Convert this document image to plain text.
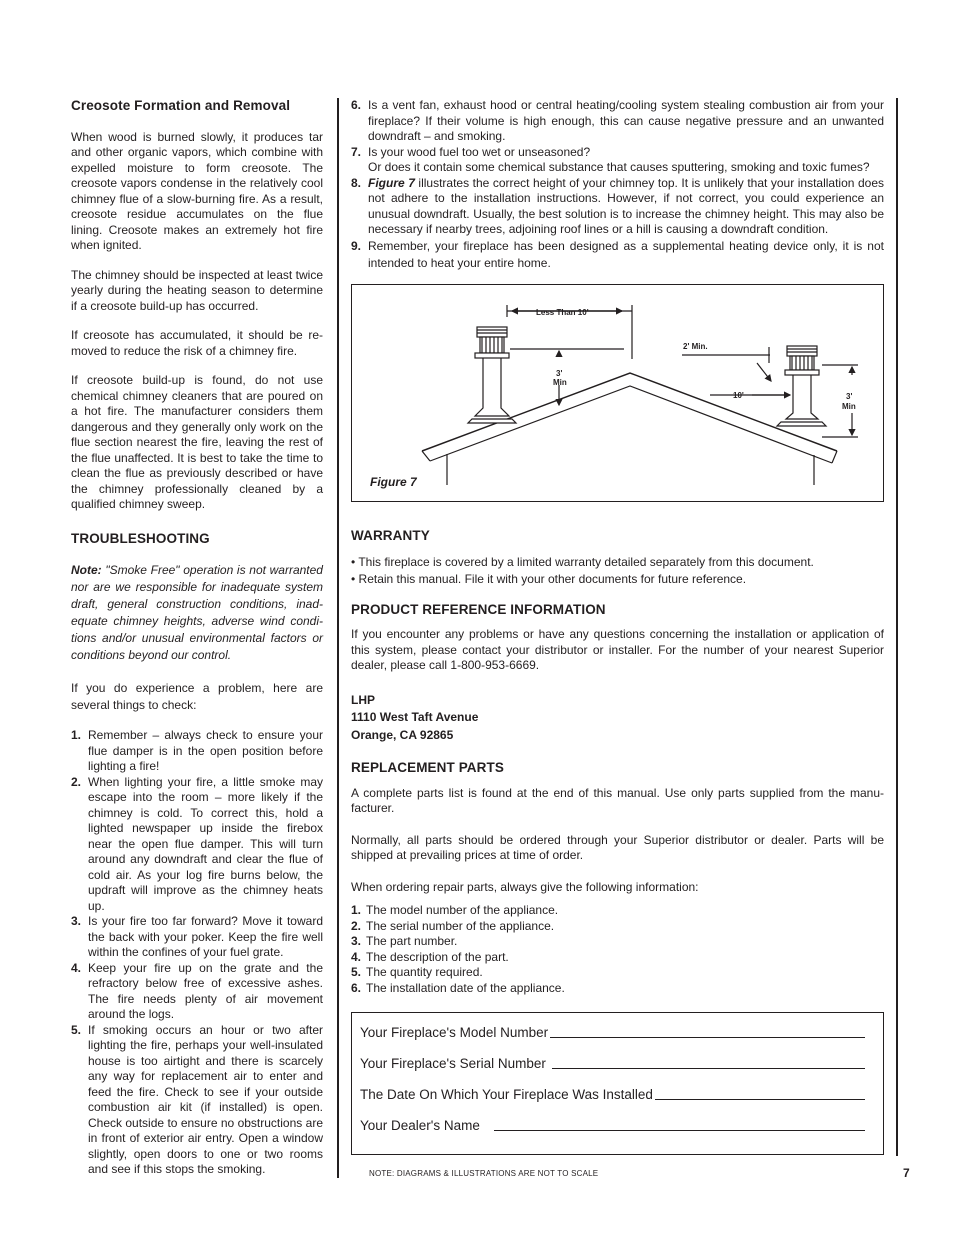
Creosote Formation and Removal

When wood is burned slowly, it produces tar and other organic vapors, which combine with expelled moisture to form creosote. The creosote vapors condense in the relatively cool chimney flue of a slow-burning fire. As a result, creosote residue accumulates on the flue lining. Creosote makes an extremely hot fire when ignited.

The chimney should be inspected at least twice yearly during the heating season to determine if a creosote build-up has occurred.

If creosote has accumulated, it should be re-moved to reduce the risk of a chimney fire.

If creosote build-up is found, do not use chemical chimney cleaners that are poured on a hot fire. The manufacturer considers them dangerous and they generally only work on the flue section nearest the fire, leaving the rest of the flue unaffected. It is best to take the time to clean the flue as previously described or have the chimney professionally cleaned by a qualified chimney sweep.

TROUBLESHOOTING

Note: "Smoke Free" operation is not warranted nor are we responsible for inadequate system draft, general construction conditions, inad-equate chimney heights, adverse wind condi-tions and/or unusual environmental factors or conditions beyond our control.

If you do experience a problem, here are several things to check:

1. Remember – always check to ensure your flue damper is in the open position before lighting a fire!
2. When lighting your fire, a little smoke may escape into the room – more likely if the chimney is cold. To correct this, hold a lighted newspaper up inside the firebox near the open flue damper. This will turn around any downdraft and clear the flue of cold air. As your log fire burns below, the updraft will improve as the chimney heats up.
3. Is your fire too far forward? Move it toward the back with your poker. Keep the fire well within the confines of your fuel grate.
4. Keep your fire up on the grate and the refractory below free of excessive ashes. The fire needs plenty of air movement around the logs.
5. If smoking occurs an hour or two after lighting the fire, perhaps your well-insulated house is too airtight and there is scarcely any way for replacement air to enter and feed the fire. Check to see if your outside combustion air kit (if installed) is open. Check outside to ensure no obstructions are in front of exterior air entry. Open a window slightly, open doors to one or two rooms and see if this stops the smoking.
6. Is a vent fan, exhaust hood or central heating/cooling system stealing combustion air from your fireplace? If their volume is high enough, this can cause negative pressure and an unwanted downdraft – and smoking.
7. Is your wood fuel too wet or unseasoned?
Or does it contain some chemical substance that causes sputtering, smoking and toxic fumes?
8. Figure 7 illustrates the correct height of your chimney top. It is unlikely that your installation does not adhere to the installation instructions. However, if not correct, you could experience an unusual downdraft. Usually, the best solution is to increase the chimney height. This may also be necessary if nearby trees, adjoining roof lines or a hill is causing a downdraft condition.
9. Remember, your fireplace has been designed as a supplemental heating device only, it is not intended to heat your entire home.
Less Than 10'
2' Min.
3'
Min
10'	3'
Min
Figure 7
WARRANTY

• This fireplace is covered by a limited warranty detailed separately from this document.

• Retain this manual. File it with your other documents for future reference.

PRODUCT REFERENCE INFORMATION

If you encounter any problems or have any questions concerning the installation or application of this system, please contact your distributor or installer. For the number of your nearest Superior dealer, please call 1-800-953-6669.

LHP
1110 West Taft Avenue
Orange, CA 92865
REPLACEMENT PARTS

A complete parts list is found at the end of this manual. Use only parts supplied from the manu-facturer.

Normally, all parts should be ordered through your Superior distributor or dealer. Parts will be shipped at prevailing prices at time of order.

When ordering repair parts, always give the following information:

1. The model number of the appliance.
2. The serial number of the appliance.
3. The part number.
4. The description of the part.
5. The quantity required.
6. The installation date of the appliance.
Your Fireplace's Model Number
Your Fireplace's Serial Number
The Date On Which Your Fireplace Was Installed
Your Dealer's Name
NOTE: DIAGRAMS & ILLUSTRATIONS ARE NOT TO SCALE	7
